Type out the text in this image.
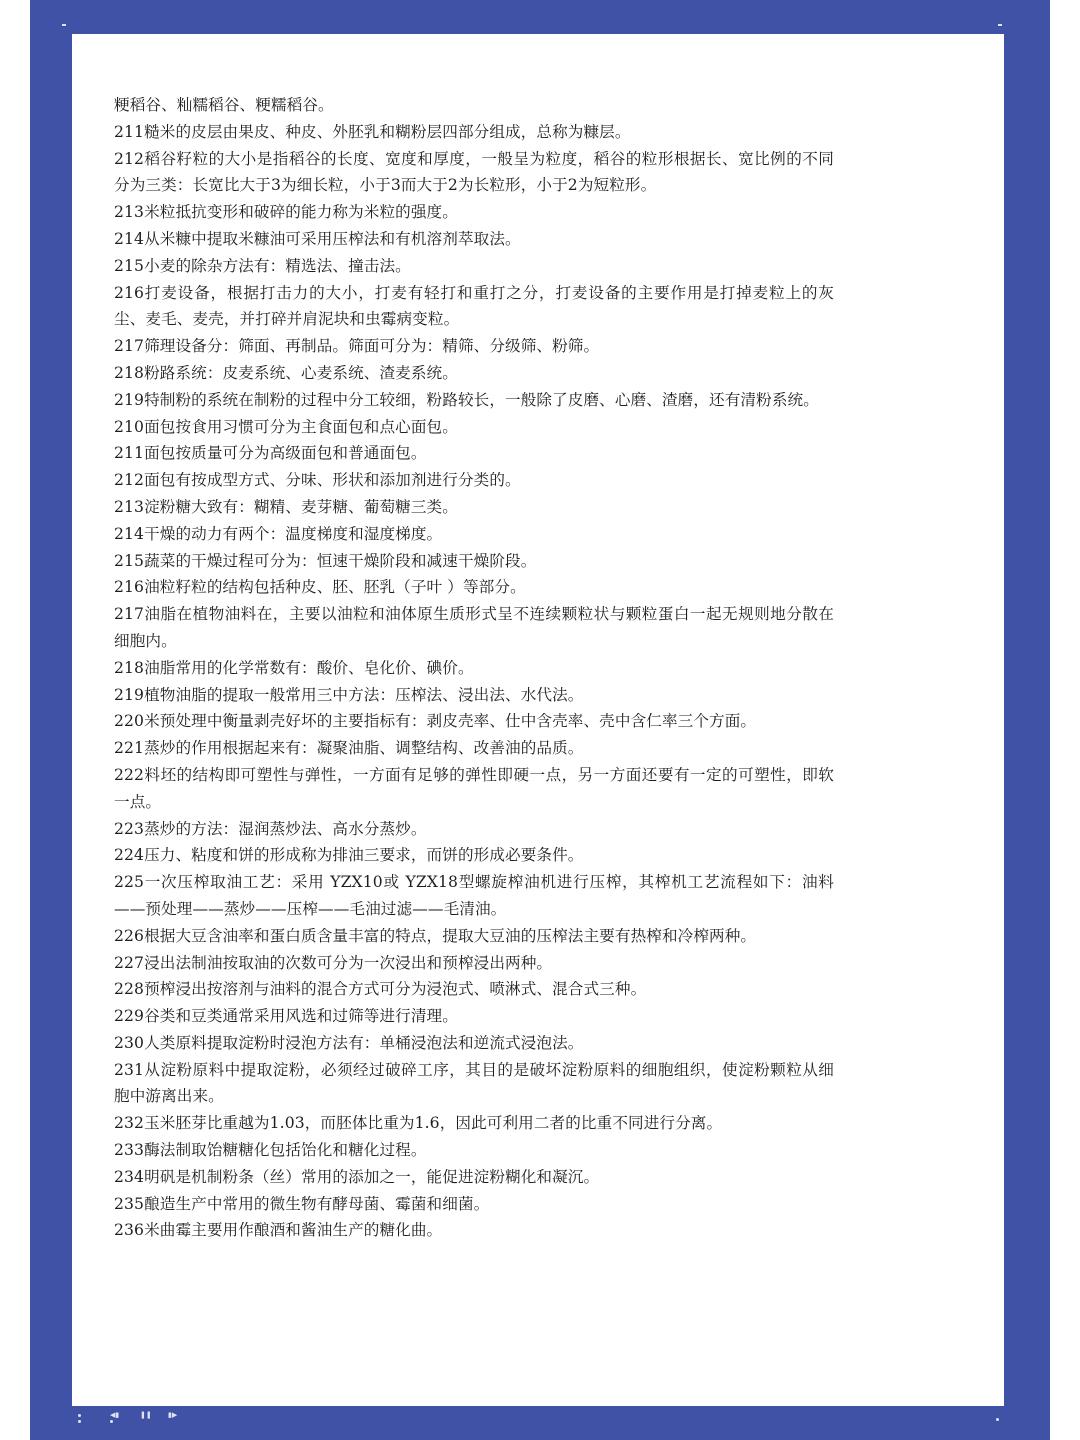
粳稻谷、籼糯稻谷、粳糯稻谷。
211糙米的皮层由果皮、种皮、外胚乳和糊粉层四部分组成，总称为糠层。
212稻谷籽粒的大小是指稻谷的长度、宽度和厚度，一般呈为粒度，稻谷的粒形根据长、宽比例的不同分为三类：长宽比大于3为细长粒，小于3而大于2为长粒形，小于2为短粒形。
213米粒抵抗变形和破碎的能力称为米粒的强度。
214从米糠中提取米糠油可采用压榨法和有机溶剂萃取法。
215小麦的除杂方法有：精选法、撞击法。
216打麦设备，根据打击力的大小，打麦有轻打和重打之分，打麦设备的主要作用是打掉麦粒上的灰尘、麦毛、麦壳，并打碎并肩泥块和虫霉病变粒。
217筛理设备分：筛面、再制品。筛面可分为：精筛、分级筛、粉筛。
218粉路系统：皮麦系统、心麦系统、渣麦系统。
219特制粉的系统在制粉的过程中分工较细，粉路较长，一般除了皮磨、心磨、渣磨，还有清粉系统。
210面包按食用习惯可分为主食面包和点心面包。
211面包按质量可分为高级面包和普通面包。
212面包有按成型方式、分味、形状和添加剂进行分类的。
213淀粉糖大致有：糊精、麦芽糖、葡萄糖三类。
214干燥的动力有两个：温度梯度和湿度梯度。
215蔬菜的干燥过程可分为：恒速干燥阶段和减速干燥阶段。
216油粒籽粒的结构包括种皮、胚、胚乳（子叶 ）等部分。
217油脂在植物油料在，主要以油粒和油体原生质形式呈不连续颗粒状与颗粒蛋白一起无规则地分散在细胞内。
218油脂常用的化学常数有：酸价、皂化价、碘价。
219植物油脂的提取一般常用三中方法：压榨法、浸出法、水代法。
220米预处理中衡量剥壳好坏的主要指标有：剥皮壳率、仕中含壳率、壳中含仁率三个方面。
221蒸炒的作用根据起来有：凝聚油脂、调整结构、改善油的品质。
222料坯的结构即可塑性与弹性，一方面有足够的弹性即硬一点，另一方面还要有一定的可塑性，即软一点。
223蒸炒的方法：湿润蒸炒法、高水分蒸炒。
224压力、粘度和饼的形成称为排油三要求，而饼的形成必要条件。
225一次压榨取油工艺：采用 YZX10或 YZX18型螺旋榨油机进行压榨，其榨机工艺流程如下：油料——预处理——蒸炒——压榨——毛油过滤——毛清油。
226根据大豆含油率和蛋白质含量丰富的特点，提取大豆油的压榨法主要有热榨和冷榨两种。
227浸出法制油按取油的次数可分为一次浸出和预榨浸出两种。
228预榨浸出按溶剂与油料的混合方式可分为浸泡式、喷淋式、混合式三种。
229谷类和豆类通常采用风选和过筛等进行清理。
230人类原料提取淀粉时浸泡方法有：单桶浸泡法和逆流式浸泡法。
231从淀粉原料中提取淀粉，必须经过破碎工序，其目的是破坏淀粉原料的细胞组织，使淀粉颗粒从细胞中游离出来。
232玉米胚芽比重越为1.03，而胚体比重为1.6，因此可利用二者的比重不同进行分离。
233酶法制取饴糖糖化包括饴化和糖化过程。
234明矾是机制粉条（丝）常用的添加之一，能促进淀粉糊化和凝沉。
235酿造生产中常用的微生物有酵母菌、霉菌和细菌。
236米曲霉主要用作酿酒和酱油生产的糖化曲。
◀▮	❚❚ ▮▶
